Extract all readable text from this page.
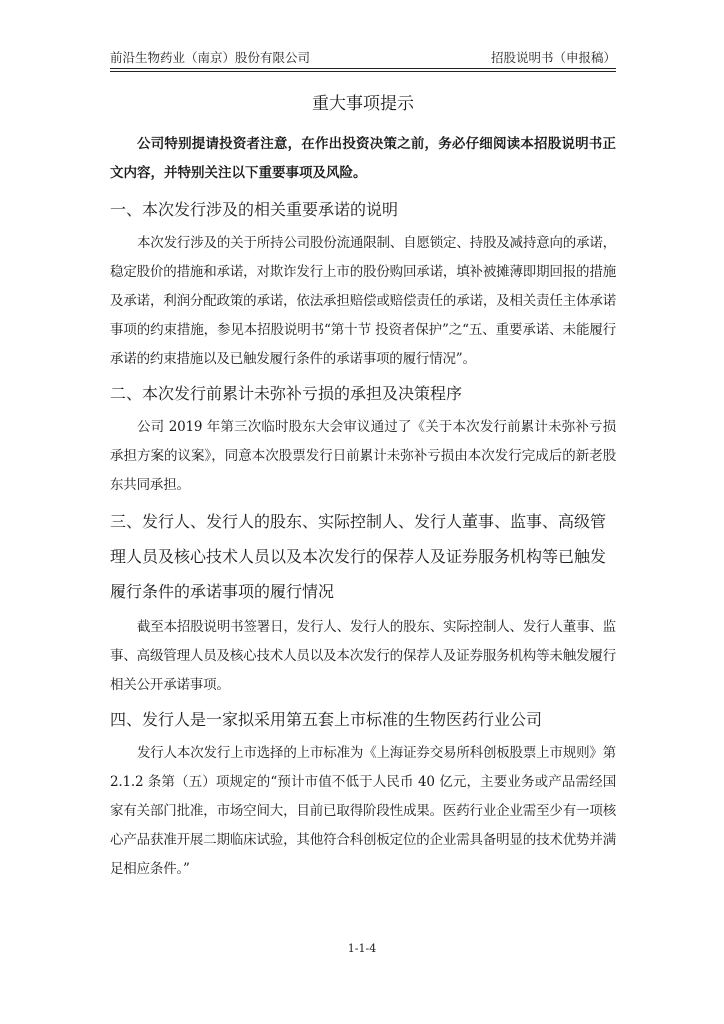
前沿生物药业（南京）股份有限公司	招股说明书（申报稿）
重大事项提示
公司特别提请投资者注意，在作出投资决策之前，务必仔细阅读本招股说明书正文内容，并特别关注以下重要事项及风险。
一、本次发行涉及的相关重要承诺的说明
本次发行涉及的关于所持公司股份流通限制、自愿锁定、持股及减持意向的承诺，稳定股价的措施和承诺，对欺诈发行上市的股份购回承诺，填补被摊薄即期回报的措施及承诺，利润分配政策的承诺，依法承担赔偿或赔偿责任的承诺，及相关责任主体承诺事项的约束措施，参见本招股说明书“第十节 投资者保护”之“五、重要承诺、未能履行承诺的约束措施以及已触发履行条件的承诺事项的履行情况”。
二、本次发行前累计未弥补亏损的承担及决策程序
公司 2019 年第三次临时股东大会审议通过了《关于本次发行前累计未弥补亏损承担方案的议案》，同意本次股票发行日前累计未弥补亏损由本次发行完成后的新老股东共同承担。
三、发行人、发行人的股东、实际控制人、发行人董事、监事、高级管理人员及核心技术人员以及本次发行的保荐人及证券服务机构等已触发履行条件的承诺事项的履行情况
截至本招股说明书签署日，发行人、发行人的股东、实际控制人、发行人董事、监事、高级管理人员及核心技术人员以及本次发行的保荐人及证券服务机构等未触发履行相关公开承诺事项。
四、发行人是一家拟采用第五套上市标准的生物医药行业公司
发行人本次发行上市选择的上市标准为《上海证券交易所科创板股票上市规则》第 2.1.2 条第（五）项规定的“预计市值不低于人民币 40 亿元，主要业务或产品需经国家有关部门批准，市场空间大，目前已取得阶段性成果。医药行业企业需至少有一项核心产品获准开展二期临床试验，其他符合科创板定位的企业需具备明显的技术优势并满足相应条件。”
1-1-4
